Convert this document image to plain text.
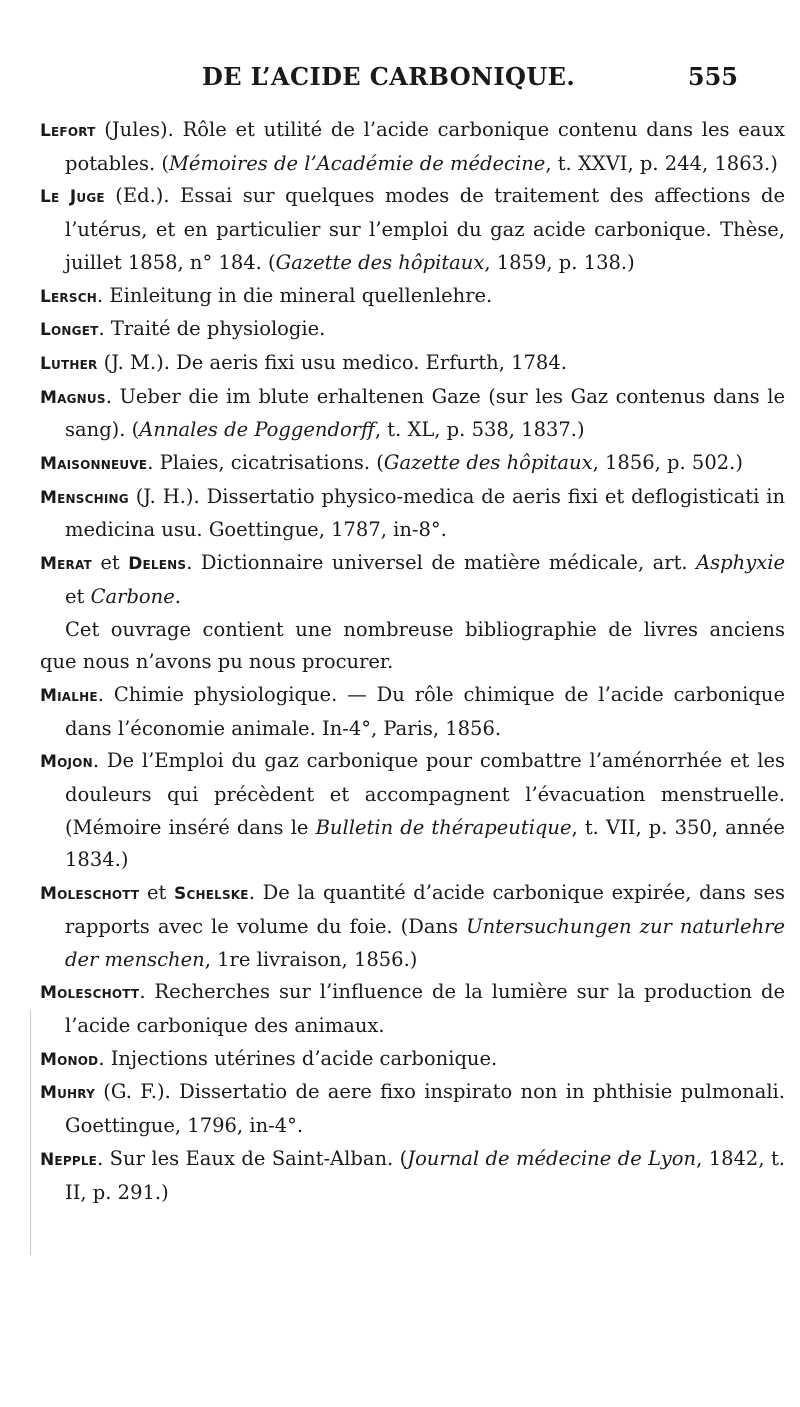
DE L’ACIDE CARBONIQUE.	555

Lefort (Jules). Rôle et utilité de l’acide carbonique contenu dans les eaux potables. (Mémoires de l’Académie de médecine, t. XXVI, p. 244, 1863.)

Le Juge (Ed.). Essai sur quelques modes de traitement des affections de l’utérus, et en particulier sur l’emploi du gaz acide carbonique. Thèse, juillet 1858, n° 184. (Gazette des hôpitaux, 1859, p. 138.)

Lersch. Einleitung in die mineral quellenlehre.

Longet. Traité de physiologie.

Luther (J. M.). De aeris fixi usu medico. Erfurth, 1784.

Magnus. Ueber die im blute erhaltenen Gaze (sur les Gaz contenus dans le sang). (Annales de Poggendorff, t. XL, p. 538, 1837.)

Maisonneuve. Plaies, cicatrisations. (Gazette des hôpitaux, 1856, p. 502.)

Mensching (J. H.). Dissertatio physico-medica de aeris fixi et deflogisticati in medicina usu. Goettingue, 1787, in-8°.

Merat et Delens. Dictionnaire universel de matière médicale, art. Asphyxie et Carbone.

Cet ouvrage contient une nombreuse bibliographie de livres anciens que nous n’avons pu nous procurer.

Mialhe. Chimie physiologique. — Du rôle chimique de l’acide carbonique dans l’économie animale. In-4°, Paris, 1856.

Mojon. De l’Emploi du gaz carbonique pour combattre l’aménorrhée et les douleurs qui précèdent et accompagnent l’évacuation menstruelle. (Mémoire inséré dans le Bulletin de thérapeutique, t. VII, p. 350, année 1834.)

Moleschott et Schelske. De la quantité d’acide carbonique expirée, dans ses rapports avec le volume du foie. (Dans Untersuchungen zur naturlehre der menschen, 1re livraison, 1856.)

Moleschott. Recherches sur l’influence de la lumière sur la production de l’acide carbonique des animaux.

Monod. Injections utérines d’acide carbonique.

Muhry (G. F.). Dissertatio de aere fixo inspirato non in phthisie pulmonali. Goettingue, 1796, in-4°.

Nepple. Sur les Eaux de Saint-Alban. (Journal de médecine de Lyon, 1842, t. II, p. 291.)
